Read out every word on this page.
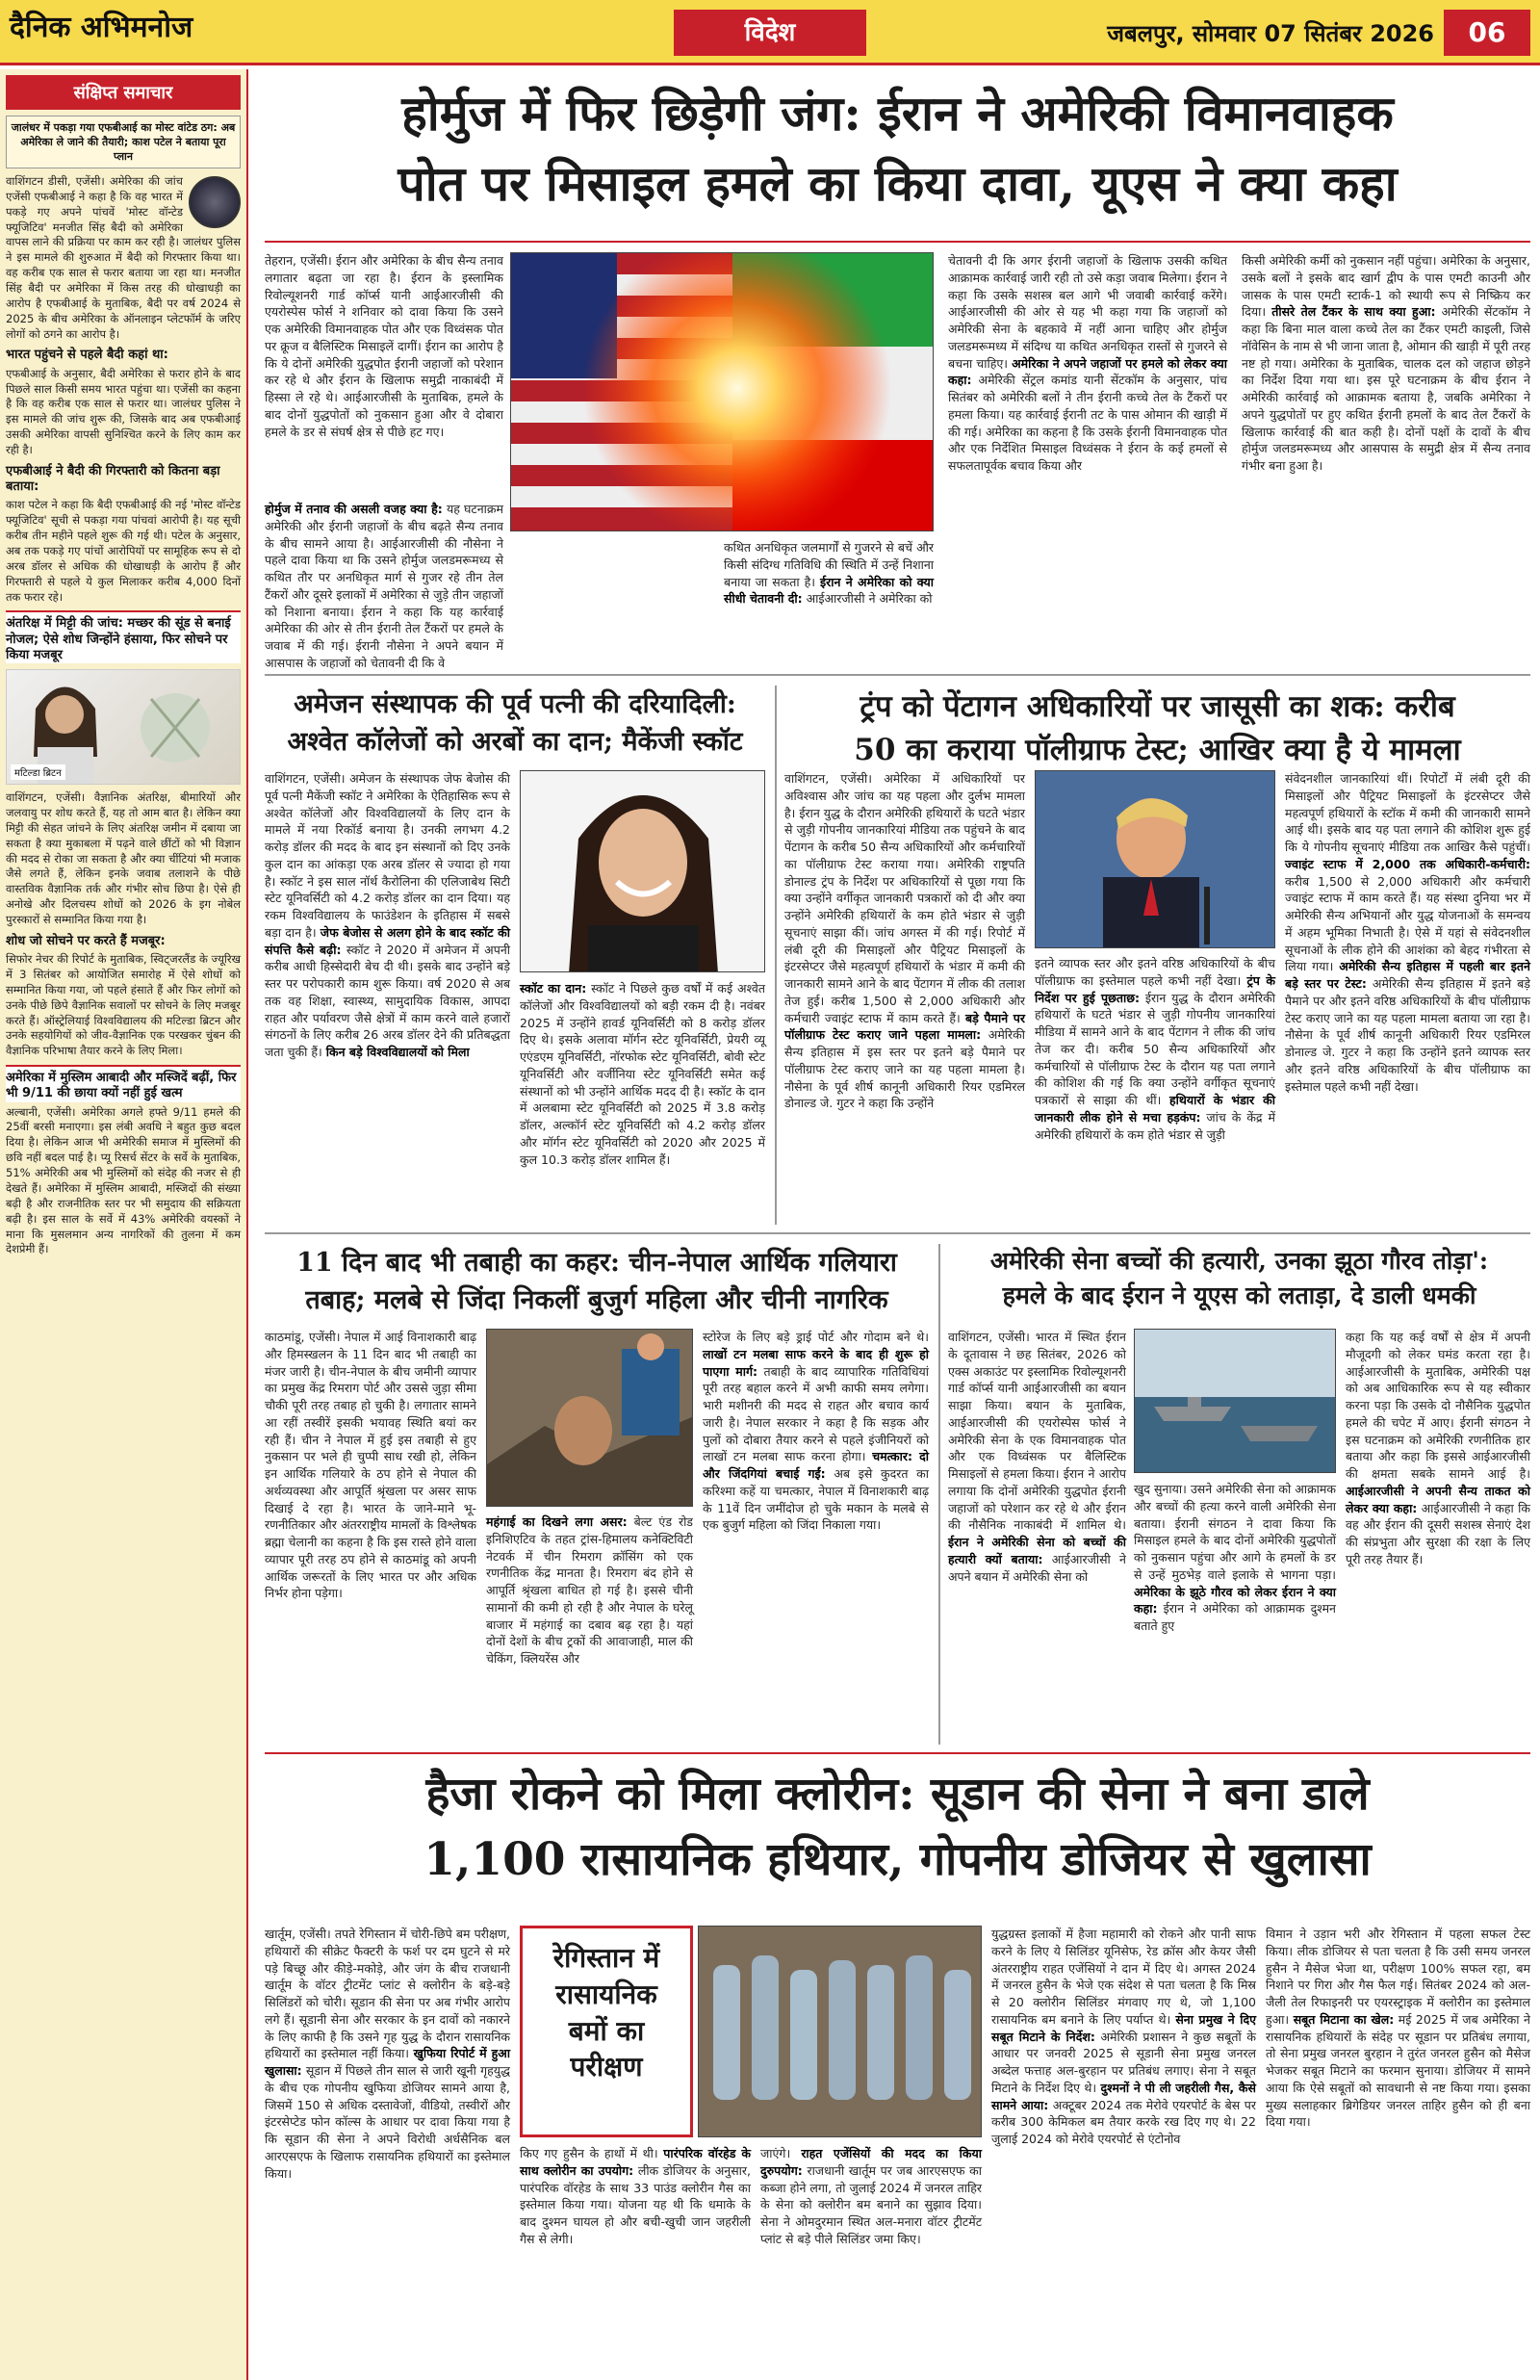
दैनिक अभिमनोज	विदेश	जबलपुर, सोमवार 07 सितंबर 2026	06
संक्षिप्त समाचार
जालंधर में पकड़ा गया एफबीआई का मोस्ट वांटेड ठग: अब अमेरिका ले जाने की तैयारी; काश पटेल ने बताया पूरा प्लान

वाशिंगटन डीसी, एजेंसी। अमेरिका की जांच एजेंसी एफबीआई ने कहा है कि वह भारत में पकड़े गए अपने पांचवें 'मोस्ट वॉन्टेड फ्यूजिटिव' मनजीत सिंह बैदी को अमेरिका वापस लाने की प्रक्रिया पर काम कर रही है। जालंधर पुलिस ने इस मामले की शुरुआत में बैदी को गिरफ्तार किया था। वह करीब एक साल से फरार बताया जा रहा था। मनजीत सिंह बैदी पर अमेरिका में किस तरह की धोखाधड़ी का आरोप है एफबीआई के मुताबिक, बैदी पर वर्ष 2024 से 2025 के बीच अमेरिका के ऑनलाइन प्लेटफॉर्म के जरिए लोगों को ठगने का आरोप है।

भारत पहुंचने से पहले बैदी कहां था:

एफबीआई के अनुसार, बैदी अमेरिका से फरार होने के बाद पिछले साल किसी समय भारत पहुंचा था। एजेंसी का कहना है कि वह करीब एक साल से फरार था। जालंधर पुलिस ने इस मामले की जांच शुरू की, जिसके बाद अब एफबीआई उसकी अमेरिका वापसी सुनिश्चित करने के लिए काम कर रही है।

एफबीआई ने बैदी की गिरफ्तारी को कितना बड़ा बताया:

काश पटेल ने कहा कि बैदी एफबीआई की नई 'मोस्ट वॉन्टेड फ्यूजिटिव' सूची से पकड़ा गया पांचवां आरोपी है। यह सूची करीब तीन महीने पहले शुरू की गई थी। पटेल के अनुसार, अब तक पकड़े गए पांचों आरोपियों पर सामूहिक रूप से दो अरब डॉलर से अधिक की धोखाधड़ी के आरोप हैं और गिरफ्तारी से पहले ये कुल मिलाकर करीब 4,000 दिनों तक फरार रहे।

अंतरिक्ष में मिट्टी की जांच: मच्छर की सूंड से बनाई नोजल; ऐसे शोध जिन्होंने हंसाया, फिर सोचने पर किया मजबूर
मटिल्डा ब्रिटन

वाशिंगटन, एजेंसी। वैज्ञानिक अंतरिक्ष, बीमारियों और जलवायु पर शोध करते हैं, यह तो आम बात है। लेकिन क्या मिट्टी की सेहत जांचने के लिए अंतरिक्ष जमीन में दबाया जा सकता है क्या मुकाबला में पढ़ने वाले छींटों को भी विज्ञान की मदद से रोका जा सकता है और क्या चींटियां भी मजाक जैसे लगते हैं, लेकिन इनके जवाब तलाशने के पीछे वास्तविक वैज्ञानिक तर्क और गंभीर सोच छिपा है। ऐसे ही अनोखे और दिलचस्प शोधों को 2026 के इग नोबेल पुरस्कारों से सम्मानित किया गया है।

शोध जो सोचने पर करते हैं मजबूर:

सिफोर नेचर की रिपोर्ट के मुताबिक, स्विट्जरलैंड के ज्यूरिख में 3 सितंबर को आयोजित समारोह में ऐसे शोधों को सम्मानित किया गया, जो पहले हंसाते हैं और फिर लोगों को उनके पीछे छिपे वैज्ञानिक सवालों पर सोचने के लिए मजबूर करते हैं। ऑस्ट्रेलियाई विश्वविद्यालय की मटिल्डा ब्रिटन और उनके सहयोगियों को जीव-वैज्ञानिक एक परखकर चुंबन की वैज्ञानिक परिभाषा तैयार करने के लिए मिला।

अमेरिका में मुस्लिम आबादी और मस्जिदें बढ़ीं, फिर भी 9/11 की छाया क्यों नहीं हुई खत्म

अल्बानी, एजेंसी। अमेरिका अगले हफ्ते 9/11 हमले की 25वीं बरसी मनाएगा। इस लंबी अवधि ने बहुत कुछ बदल दिया है। लेकिन आज भी अमेरिकी समाज में मुस्लिमों की छवि नहीं बदल पाई है। प्यू रिसर्च सेंटर के सर्वे के मुताबिक, 51% अमेरिकी अब भी मुस्लिमों को संदेह की नजर से ही देखते हैं। अमेरिका में मुस्लिम आबादी, मस्जिदों की संख्या बढ़ी है और राजनीतिक स्तर पर भी समुदाय की सक्रियता बढ़ी है। इस साल के सर्वे में 43% अमेरिकी वयस्कों ने माना कि मुसलमान अन्य नागरिकों की तुलना में कम देशप्रेमी हैं।

होर्मुज में फिर छिड़ेगी जंग: ईरान ने अमेरिकी विमानवाहक
पोत पर मिसाइल हमले का किया दावा, यूएस ने क्या कहा

तेहरान, एजेंसी। ईरान और अमेरिका के बीच सैन्य तनाव लगातार बढ़ता जा रहा है। ईरान के इस्लामिक रिवोल्यूशनरी गार्ड कॉर्प्स यानी आईआरजीसी की एयरोस्पेस फोर्स ने शनिवार को दावा किया कि उसने एक अमेरिकी विमानवाहक पोत और एक विध्वंसक पोत पर क्रूज व बैलिस्टिक मिसाइलें दागीं। ईरान का आरोप है कि ये दोनों अमेरिकी युद्धपोत ईरानी जहाजों को परेशान कर रहे थे और ईरान के खिलाफ समुद्री नाकाबंदी में हिस्सा ले रहे थे। आईआरजीसी के मुताबिक, हमले के बाद दोनों युद्धपोतों को नुकसान हुआ और वे दोबारा हमले के डर से संघर्ष क्षेत्र से पीछे हट गए।

होर्मुज में तनाव की असली वजह क्या है: यह घटनाक्रम अमेरिकी और ईरानी जहाजों के बीच बढ़ते सैन्य तनाव के बीच सामने आया है। आईआरजीसी की नौसेना ने पहले दावा किया था कि उसने होर्मुज जलडमरूमध्य से कथित तौर पर अनधिकृत मार्ग से गुजर रहे तीन तेल टैंकरों और दूसरे इलाकों में अमेरिका से जुड़े तीन जहाजों को निशाना बनाया। ईरान ने कहा कि यह कार्रवाई अमेरिका की ओर से तीन ईरानी तेल टैंकरों पर हमले के जवाब में की गई। ईरानी नौसेना ने अपने बयान में आसपास के जहाजों को चेतावनी दी कि वे

कथित अनधिकृत जलमार्गों से गुजरने से बचें और किसी संदिग्ध गतिविधि की स्थिति में उन्हें निशाना बनाया जा सकता है। ईरान ने अमेरिका को क्या सीधी चेतावनी दी: आईआरजीसी ने अमेरिका को

चेतावनी दी कि अगर ईरानी जहाजों के खिलाफ उसकी कथित आक्रामक कार्रवाई जारी रही तो उसे कड़ा जवाब मिलेगा। ईरान ने कहा कि उसके सशस्त्र बल आगे भी जवाबी कार्रवाई करेंगे। आईआरजीसी की ओर से यह भी कहा गया कि जहाजों को अमेरिकी सेना के बहकावे में नहीं आना चाहिए और होर्मुज जलडमरूमध्य में संदिग्ध या कथित अनधिकृत रास्तों से गुजरने से बचना चाहिए। अमेरिका ने अपने जहाजों पर हमले को लेकर क्या कहा: अमेरिकी सेंट्रल कमांड यानी सेंटकॉम के अनुसार, पांच सितंबर को अमेरिकी बलों ने तीन ईरानी कच्चे तेल के टैंकरों पर हमला किया। यह कार्रवाई ईरानी तट के पास ओमान की खाड़ी में की गई। अमेरिका का कहना है कि उसके ईरानी विमानवाहक पोत और एक निर्देशित मिसाइल विध्वंसक ने ईरान के कई हमलों से सफलतापूर्वक बचाव किया और

किसी अमेरिकी कर्मी को नुकसान नहीं पहुंचा। अमेरिका के अनुसार, उसके बलों ने इसके बाद खार्ग द्वीप के पास एमटी काउनी और जासक के पास एमटी स्टार्क-1 को स्थायी रूप से निष्क्रिय कर दिया। तीसरे तेल टैंकर के साथ क्या हुआ: अमेरिकी सेंटकॉम ने कहा कि बिना माल वाला कच्चे तेल का टैंकर एमटी काइली, जिसे नॉवेसिन के नाम से भी जाना जाता है, ओमान की खाड़ी में पूरी तरह नष्ट हो गया। अमेरिका के मुताबिक, चालक दल को जहाज छोड़ने का निर्देश दिया गया था। इस पूरे घटनाक्रम के बीच ईरान ने अमेरिकी कार्रवाई को आक्रामक बताया है, जबकि अमेरिका ने अपने युद्धपोतों पर हुए कथित ईरानी हमलों के बाद तेल टैंकरों के खिलाफ कार्रवाई की बात कही है। दोनों पक्षों के दावों के बीच होर्मुज जलडमरूमध्य और आसपास के समुद्री क्षेत्र में सैन्य तनाव गंभीर बना हुआ है।

अमेजन संस्थापक की पूर्व पत्नी की दरियादिली:
अश्वेत कॉलेजों को अरबों का दान; मैकेंजी स्कॉट

वाशिंगटन, एजेंसी। अमेजन के संस्थापक जेफ बेजोस की पूर्व पत्नी मैकेंजी स्कॉट ने अमेरिका के ऐतिहासिक रूप से अश्वेत कॉलेजों और विश्वविद्यालयों के लिए दान के मामले में नया रिकॉर्ड बनाया है। उनकी लगभग 4.2 करोड़ डॉलर की मदद के बाद इन संस्थानों को दिए उनके कुल दान का आंकड़ा एक अरब डॉलर से ज्यादा हो गया है। स्कॉट ने इस साल नॉर्थ कैरोलिना की एलिजाबेथ सिटी स्टेट यूनिवर्सिटी को 4.2 करोड़ डॉलर का दान दिया। यह रकम विश्वविद्यालय के फाउंडेशन के इतिहास में सबसे बड़ा दान है। जेफ बेजोस से अलग होने के बाद स्कॉट की संपत्ति कैसे बढ़ी: स्कॉट ने 2020 में अमेजन में अपनी करीब आधी हिस्सेदारी बेच दी थी। इसके बाद उन्होंने बड़े स्तर पर परोपकारी काम शुरू किया। वर्ष 2020 से अब तक वह शिक्षा, स्वास्थ्य, सामुदायिक विकास, आपदा राहत और पर्यावरण जैसे क्षेत्रों में काम करने वाले हजारों संगठनों के लिए करीब 26 अरब डॉलर देने की प्रतिबद्धता जता चुकी हैं। किन बड़े विश्वविद्यालयों को मिला

स्कॉट का दान: स्कॉट ने पिछले कुछ वर्षों में कई अश्वेत कॉलेजों और विश्वविद्यालयों को बड़ी रकम दी है। नवंबर 2025 में उन्होंने हावर्ड यूनिवर्सिटी को 8 करोड़ डॉलर दिए थे। इसके अलावा मॉर्गन स्टेट यूनिवर्सिटी, प्रेयरी व्यू एएंडएम यूनिवर्सिटी, नॉरफोक स्टेट यूनिवर्सिटी, बोवी स्टेट यूनिवर्सिटी और वर्जीनिया स्टेट यूनिवर्सिटी समेत कई संस्थानों को भी उन्होंने आर्थिक मदद दी है। स्कॉट के दान में अलबामा स्टेट यूनिवर्सिटी को 2025 में 3.8 करोड़ डॉलर, अल्कॉर्न स्टेट यूनिवर्सिटी को 4.2 करोड़ डॉलर और मॉर्गन स्टेट यूनिवर्सिटी को 2020 और 2025 में कुल 10.3 करोड़ डॉलर शामिल हैं।

ट्रंप को पेंटागन अधिकारियों पर जासूसी का शक: करीब
50 का कराया पॉलीग्राफ टेस्ट; आखिर क्या है ये मामला

वाशिंगटन, एजेंसी। अमेरिका में अधिकारियों पर अविश्वास और जांच का यह पहला और दुर्लभ मामला है। ईरान युद्ध के दौरान अमेरिकी हथियारों के घटते भंडार से जुड़ी गोपनीय जानकारियां मीडिया तक पहुंचने के बाद पेंटागन के करीब 50 सैन्य अधिकारियों और कर्मचारियों का पॉलीग्राफ टेस्ट कराया गया। अमेरिकी राष्ट्रपति डोनाल्ड ट्रंप के निर्देश पर अधिकारियों से पूछा गया कि क्या उन्होंने वर्गीकृत जानकारी पत्रकारों को दी और क्या उन्होंने अमेरिकी हथियारों के कम होते भंडार से जुड़ी सूचनाएं साझा कीं। जांच अगस्त में की गई। रिपोर्ट में लंबी दूरी की मिसाइलों और पैट्रियट मिसाइलों के इंटरसेप्टर जैसे महत्वपूर्ण हथियारों के भंडार में कमी की जानकारी सामने आने के बाद पेंटागन में लीक की तलाश तेज हुई। करीब 1,500 से 2,000 अधिकारी और कर्मचारी ज्वाइंट स्टाफ में काम करते हैं। बड़े पैमाने पर पॉलीग्राफ टेस्ट कराए जाने पहला मामला: अमेरिकी सैन्य इतिहास में इस स्तर पर इतने बड़े पैमाने पर पॉलीग्राफ टेस्ट कराए जाने का यह पहला मामला है। नौसेना के पूर्व शीर्ष कानूनी अधिकारी रियर एडमिरल डोनाल्ड जे. गुटर ने कहा कि उन्होंने

इतने व्यापक स्तर और इतने वरिष्ठ अधिकारियों के बीच पॉलीग्राफ का इस्तेमाल पहले कभी नहीं देखा। ट्रंप के निर्देश पर हुई पूछताछ: ईरान युद्ध के दौरान अमेरिकी हथियारों के घटते भंडार से जुड़ी गोपनीय जानकारियां मीडिया में सामने आने के बाद पेंटागन ने लीक की जांच तेज कर दी। करीब 50 सैन्य अधिकारियों और कर्मचारियों से पॉलीग्राफ टेस्ट के दौरान यह पता लगाने की कोशिश की गई कि क्या उन्होंने वर्गीकृत सूचनाएं पत्रकारों से साझा की थीं। हथियारों के भंडार की जानकारी लीक होने से मचा हड़कंप: जांच के केंद्र में अमेरिकी हथियारों के कम होते भंडार से जुड़ी

संवेदनशील जानकारियां थीं। रिपोर्टों में लंबी दूरी की मिसाइलों और पैट्रियट मिसाइलों के इंटरसेप्टर जैसे महत्वपूर्ण हथियारों के स्टॉक में कमी की जानकारी सामने आई थी। इसके बाद यह पता लगाने की कोशिश शुरू हुई कि ये गोपनीय सूचनाएं मीडिया तक आखिर कैसे पहुंचीं। ज्वाइंट स्टाफ में 2,000 तक अधिकारी-कर्मचारी: करीब 1,500 से 2,000 अधिकारी और कर्मचारी ज्वाइंट स्टाफ में काम करते हैं। यह संस्था दुनिया भर में अमेरिकी सैन्य अभियानों और युद्ध योजनाओं के समन्वय में अहम भूमिका निभाती है। ऐसे में यहां से संवेदनशील सूचनाओं के लीक होने की आशंका को बेहद गंभीरता से लिया गया। अमेरिकी सैन्य इतिहास में पहली बार इतने बड़े स्तर पर टेस्ट: अमेरिकी सैन्य इतिहास में इतने बड़े पैमाने पर और इतने वरिष्ठ अधिकारियों के बीच पॉलीग्राफ टेस्ट कराए जाने का यह पहला मामला बताया जा रहा है। नौसेना के पूर्व शीर्ष कानूनी अधिकारी रियर एडमिरल डोनाल्ड जे. गुटर ने कहा कि उन्होंने इतने व्यापक स्तर और इतने वरिष्ठ अधिकारियों के बीच पॉलीग्राफ का इस्तेमाल पहले कभी नहीं देखा।

11 दिन बाद भी तबाही का कहर: चीन-नेपाल आर्थिक गलियारा
तबाह; मलबे से जिंदा निकलीं बुजुर्ग महिला और चीनी नागरिक

काठमांडू, एजेंसी। नेपाल में आई विनाशकारी बाढ़ और हिमस्खलन के 11 दिन बाद भी तबाही का मंजर जारी है। चीन-नेपाल के बीच जमीनी व्यापार का प्रमुख केंद्र रिमराग पोर्ट और उससे जुड़ा सीमा चौकी पूरी तरह तबाह हो चुकी है। लगातार सामने आ रहीं तस्वीरें इसकी भयावह स्थिति बयां कर रही हैं। चीन ने नेपाल में हुई इस तबाही से हुए नुकसान पर भले ही चुप्पी साध रखी हो, लेकिन इन आर्थिक गलियारे के ठप होने से नेपाल की अर्थव्यवस्था और आपूर्ति श्रृंखला पर असर साफ दिखाई दे रहा है। भारत के जाने-माने भू-रणनीतिकार और अंतरराष्ट्रीय मामलों के विश्लेषक ब्रह्मा चेलानी का कहना है कि इस रास्ते होने वाला व्यापार पूरी तरह ठप होने से काठमांडू को अपनी आर्थिक जरूरतों के लिए भारत पर और अधिक निर्भर होना पड़ेगा।

महंगाई का दिखने लगा असर: बेल्ट एंड रोड इनिशिएटिव के तहत ट्रांस-हिमालय कनेक्टिविटी नेटवर्क में चीन रिमराग क्रॉसिंग को एक रणनीतिक केंद्र मानता है। रिमराग बंद होने से आपूर्ति श्रृंखला बाधित हो गई है। इससे चीनी सामानों की कमी हो रही है और नेपाल के घरेलू बाजार में महंगाई का दबाव बढ़ रहा है। यहां दोनों देशों के बीच ट्रकों की आवाजाही, माल की चेकिंग, क्लियरेंस और

स्टोरेज के लिए बड़े ड्राई पोर्ट और गोदाम बने थे। लाखों टन मलबा साफ करने के बाद ही शुरू हो पाएगा मार्ग: तबाही के बाद व्यापारिक गतिविधियां पूरी तरह बहाल करने में अभी काफी समय लगेगा। भारी मशीनरी की मदद से राहत और बचाव कार्य जारी है। नेपाल सरकार ने कहा है कि सड़क और पुलों को दोबारा तैयार करने से पहले इंजीनियरों को लाखों टन मलबा साफ करना होगा। चमत्कार: दो और जिंदगियां बचाई गईं: अब इसे कुदरत का करिश्मा कहें या चमत्कार, नेपाल में विनाशकारी बाढ़ के 11वें दिन जमींदोज हो चुके मकान के मलबे से एक बुजुर्ग महिला को जिंदा निकाला गया।

अमेरिकी सेना बच्चों की हत्यारी, उनका झूठा गौरव तोड़ा':
हमले के बाद ईरान ने यूएस को लताड़ा, दे डाली धमकी

वाशिंगटन, एजेंसी। भारत में स्थित ईरान के दूतावास ने छह सितंबर, 2026 को एक्स अकाउंट पर इस्लामिक रिवोल्यूशनरी गार्ड कॉर्प्स यानी आईआरजीसी का बयान साझा किया। बयान के मुताबिक, आईआरजीसी की एयरोस्पेस फोर्स ने अमेरिकी सेना के एक विमानवाहक पोत और एक विध्वंसक पर बैलिस्टिक मिसाइलों से हमला किया। ईरान ने आरोप लगाया कि दोनों अमेरिकी युद्धपोत ईरानी जहाजों को परेशान कर रहे थे और ईरान की नौसैनिक नाकाबंदी में शामिल थे। ईरान ने अमेरिकी सेना को बच्चों की हत्यारी क्यों बताया: आईआरजीसी ने अपने बयान में अमेरिकी सेना को

खुद सुनाया। उसने अमेरिकी सेना को आक्रामक और बच्चों की हत्या करने वाली अमेरिकी सेना बताया। ईरानी संगठन ने दावा किया कि मिसाइल हमले के बाद दोनों अमेरिकी युद्धपोतों को नुकसान पहुंचा और आगे के हमलों के डर से उन्हें मुठभेड़ वाले इलाके से भागना पड़ा। अमेरिका के झूठे गौरव को लेकर ईरान ने क्या कहा: ईरान ने अमेरिका को आक्रामक दुश्मन बताते हुए

कहा कि यह कई वर्षों से क्षेत्र में अपनी मौजूदगी को लेकर घमंड करता रहा है। आईआरजीसी के मुताबिक, अमेरिकी पक्ष को अब आधिकारिक रूप से यह स्वीकार करना पड़ा कि उसके दो नौसैनिक युद्धपोत हमले की चपेट में आए। ईरानी संगठन ने इस घटनाक्रम को अमेरिकी रणनीतिक हार बताया और कहा कि इससे आईआरजीसी की क्षमता सबके सामने आई है। आईआरजीसी ने अपनी सैन्य ताकत को लेकर क्या कहा: आईआरजीसी ने कहा कि वह और ईरान की दूसरी सशस्त्र सेनाएं देश की संप्रभुता और सुरक्षा की रक्षा के लिए पूरी तरह तैयार हैं।

हैजा रोकने को मिला क्लोरीन: सूडान की सेना ने बना डाले
1,100 रासायनिक हथियार, गोपनीय डोजियर से खुलासा

खार्तूम, एजेंसी। तपते रेगिस्तान में चोरी-छिपे बम परीक्षण, हथियारों की सीक्रेट फैक्टरी के फर्श पर दम घुटने से मरे पड़े बिच्छू और कीड़े-मकोड़े, और जंग के बीच राजधानी खार्तूम के वॉटर ट्रीटमेंट प्लांट से क्लोरीन के बड़े-बड़े सिलिंडरों को चोरी। सूडान की सेना पर अब गंभीर आरोप लगे हैं। सूडानी सेना और सरकार के इन दावों को नकारने के लिए काफी है कि उसने गृह युद्ध के दौरान रासायनिक हथियारों का इस्तेमाल नहीं किया। खुफिया रिपोर्ट में हुआ खुलासा: सूडान में पिछले तीन साल से जारी खूनी गृहयुद्ध के बीच एक गोपनीय खुफिया डोजियर सामने आया है, जिसमें 150 से अधिक दस्तावेजों, वीडियो, तस्वीरों और इंटरसेप्टेड फोन कॉल्स के आधार पर दावा किया गया है कि सूडान की सेना ने अपने विरोधी अर्धसैनिक बल आरएसएफ के खिलाफ रासायनिक हथियारों का इस्तेमाल किया।

रेगिस्तान में रासायनिक बमों का परीक्षण

किए गए हुसैन के हाथों में थी। पारंपरिक वॉरहेड के साथ क्लोरीन का उपयोग: लीक डोजियर के अनुसार, पारंपरिक वॉरहेड के साथ 33 पाउंड क्लोरीन गैस का इस्तेमाल किया गया। योजना यह थी कि धमाके के बाद दुश्मन घायल हो और बची-खुची जान जहरीली गैस से लेगी।

जाएंगे। राहत एजेंसियों की मदद का किया दुरुपयोग: राजधानी खार्तूम पर जब आरएसएफ का कब्जा होने लगा, तो जुलाई 2024 में जनरल ताहिर के सेना को क्लोरीन बम बनाने का सुझाव दिया। सेना ने ओमदुरमान स्थित अल-मनारा वॉटर ट्रीटमेंट प्लांट से बड़े पीले सिलिंडर जमा किए।

युद्धग्रस्त इलाकों में हैजा महामारी को रोकने और पानी साफ करने के लिए ये सिलिंडर यूनिसेफ, रेड क्रॉस और केयर जैसी अंतरराष्ट्रीय राहत एजेंसियों ने दान में दिए थे। अगस्त 2024 में जनरल हुसैन के भेजे एक संदेश से पता चलता है कि मिस्र से 20 क्लोरीन सिलिंडर मंगवाए गए थे, जो 1,100 रासायनिक बम बनाने के लिए पर्याप्त थे। सेना प्रमुख ने दिए सबूत मिटाने के निर्देश: अमेरिकी प्रशासन ने कुछ सबूतों के आधार पर जनवरी 2025 से सूडानी सेना प्रमुख जनरल अब्देल फत्ताह अल-बुरहान पर प्रतिबंध लगाए। सेना ने सबूत मिटाने के निर्देश दिए थे। दुश्मनों ने पी ली जहरीली गैस, कैसे सामने आया: अक्टूबर 2024 तक मेरोवे एयरपोर्ट के बेस पर करीब 300 केमिकल बम तैयार करके रख दिए गए थे। 22 जुलाई 2024 को मेरोवे एयरपोर्ट से एंटोनोव

विमान ने उड़ान भरी और रेगिस्तान में पहला सफल टेस्ट किया। लीक डोजियर से पता चलता है कि उसी समय जनरल हुसैन ने मैसेज भेजा था, परीक्षण 100% सफल रहा, बम निशाने पर गिरा और गैस फैल गई। सितंबर 2024 को अल-जैली तेल रिफाइनरी पर एयरस्ट्राइक में क्लोरीन का इस्तेमाल हुआ। सबूत मिटाना का खेल: मई 2025 में जब अमेरिका ने रासायनिक हथियारों के संदेह पर सूडान पर प्रतिबंध लगाया, तो सेना प्रमुख जनरल बुरहान ने तुरंत जनरल हुसैन को मैसेज भेजकर सबूत मिटाने का फरमान सुनाया। डोजियर में सामने आया कि ऐसे सबूतों को सावधानी से नष्ट किया गया। इसका मुख्य सलाहकार ब्रिगेडियर जनरल ताहिर हुसैन को ही बना दिया गया।
